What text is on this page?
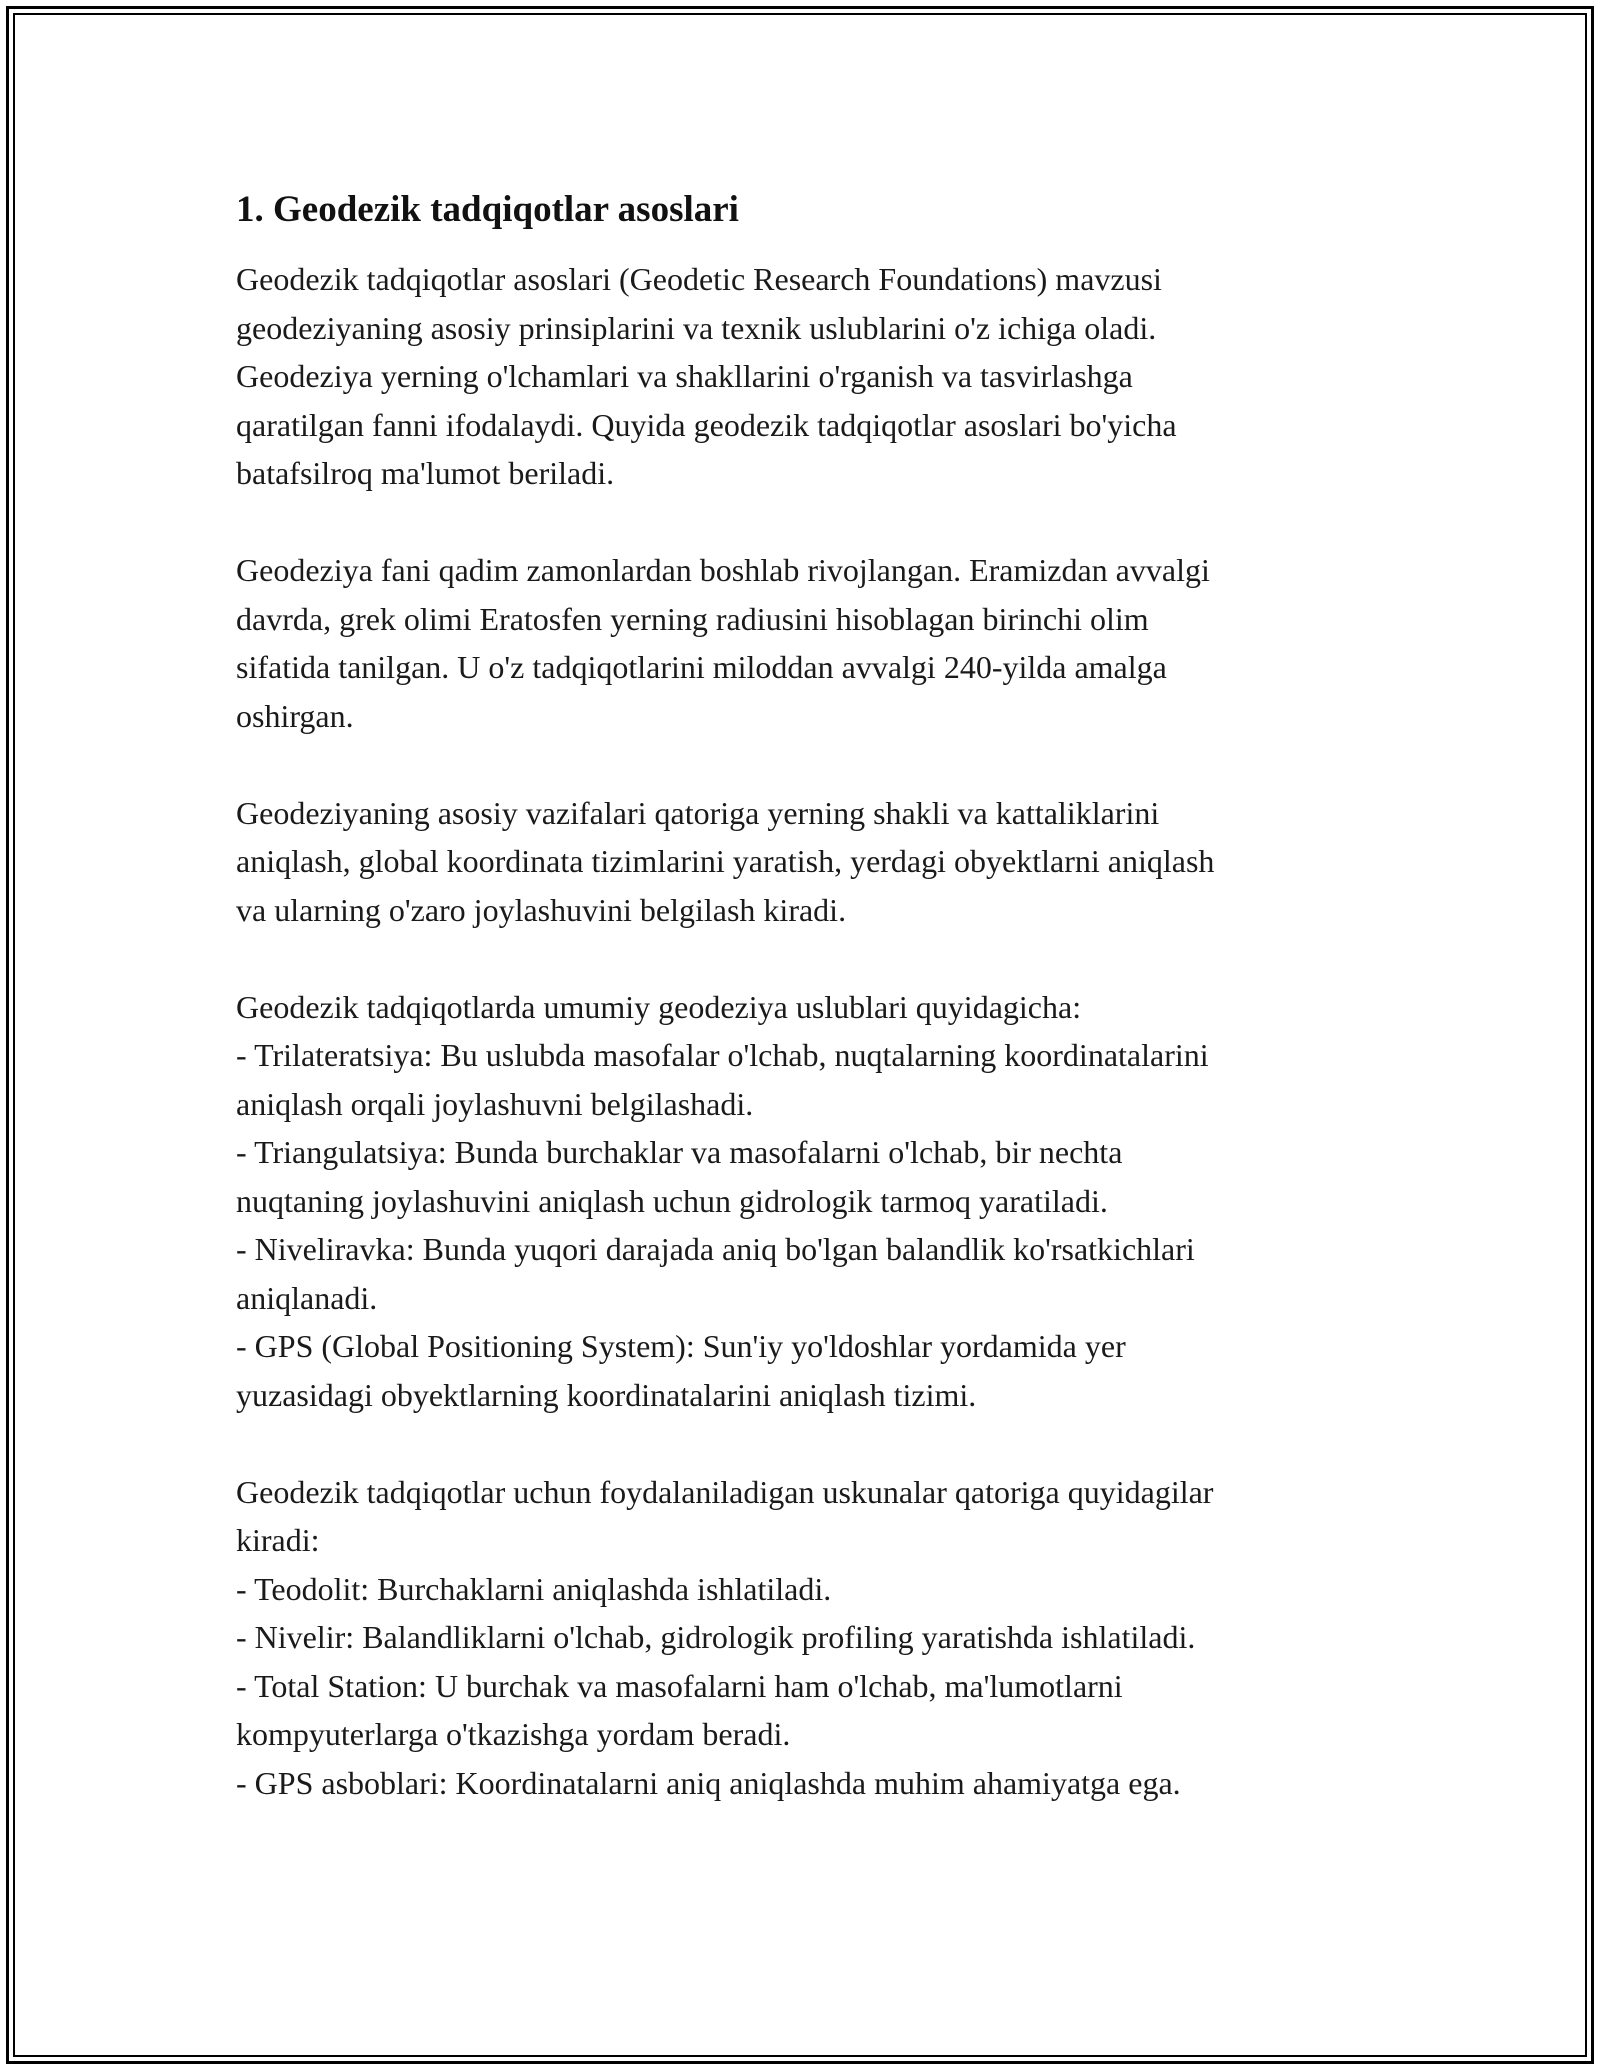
1. Geodezik tadqiqotlar asoslari

Geodezik tadqiqotlar asoslari (Geodetic Research Foundations) mavzusi
geodeziyaning asosiy prinsiplarini va texnik uslublarini o'z ichiga oladi.
Geodeziya yerning o'lchamlari va shakllarini o'rganish va tasvirlashga
qaratilgan fanni ifodalaydi. Quyida geodezik tadqiqotlar asoslari bo'yicha
batafsilroq ma'lumot beriladi.

Geodeziya fani qadim zamonlardan boshlab rivojlangan. Eramizdan avvalgi
davrda, grek olimi Eratosfen yerning radiusini hisoblagan birinchi olim
sifatida tanilgan. U o'z tadqiqotlarini miloddan avvalgi 240-yilda amalga
oshirgan.

Geodeziyaning asosiy vazifalari qatoriga yerning shakli va kattaliklarini
aniqlash, global koordinata tizimlarini yaratish, yerdagi obyektlarni aniqlash
va ularning o'zaro joylashuvini belgilash kiradi.

Geodezik tadqiqotlarda umumiy geodeziya uslublari quyidagicha:
- Trilateratsiya: Bu uslubda masofalar o'lchab, nuqtalarning koordinatalarini
aniqlash orqali joylashuvni belgilashadi.
- Triangulatsiya: Bunda burchaklar va masofalarni o'lchab, bir nechta
nuqtaning joylashuvini aniqlash uchun gidrologik tarmoq yaratiladi.
- Niveliravka: Bunda yuqori darajada aniq bo'lgan balandlik ko'rsatkichlari
aniqlanadi.
- GPS (Global Positioning System): Sun'iy yo'ldoshlar yordamida yer
yuzasidagi obyektlarning koordinatalarini aniqlash tizimi.

Geodezik tadqiqotlar uchun foydalaniladigan uskunalar qatoriga quyidagilar
kiradi:
- Teodolit: Burchaklarni aniqlashda ishlatiladi.
- Nivelir: Balandliklarni o'lchab, gidrologik profiling yaratishda ishlatiladi.
- Total Station: U burchak va masofalarni ham o'lchab, ma'lumotlarni
kompyuterlarga o'tkazishga yordam beradi.
- GPS asboblari: Koordinatalarni aniq aniqlashda muhim ahamiyatga ega.
